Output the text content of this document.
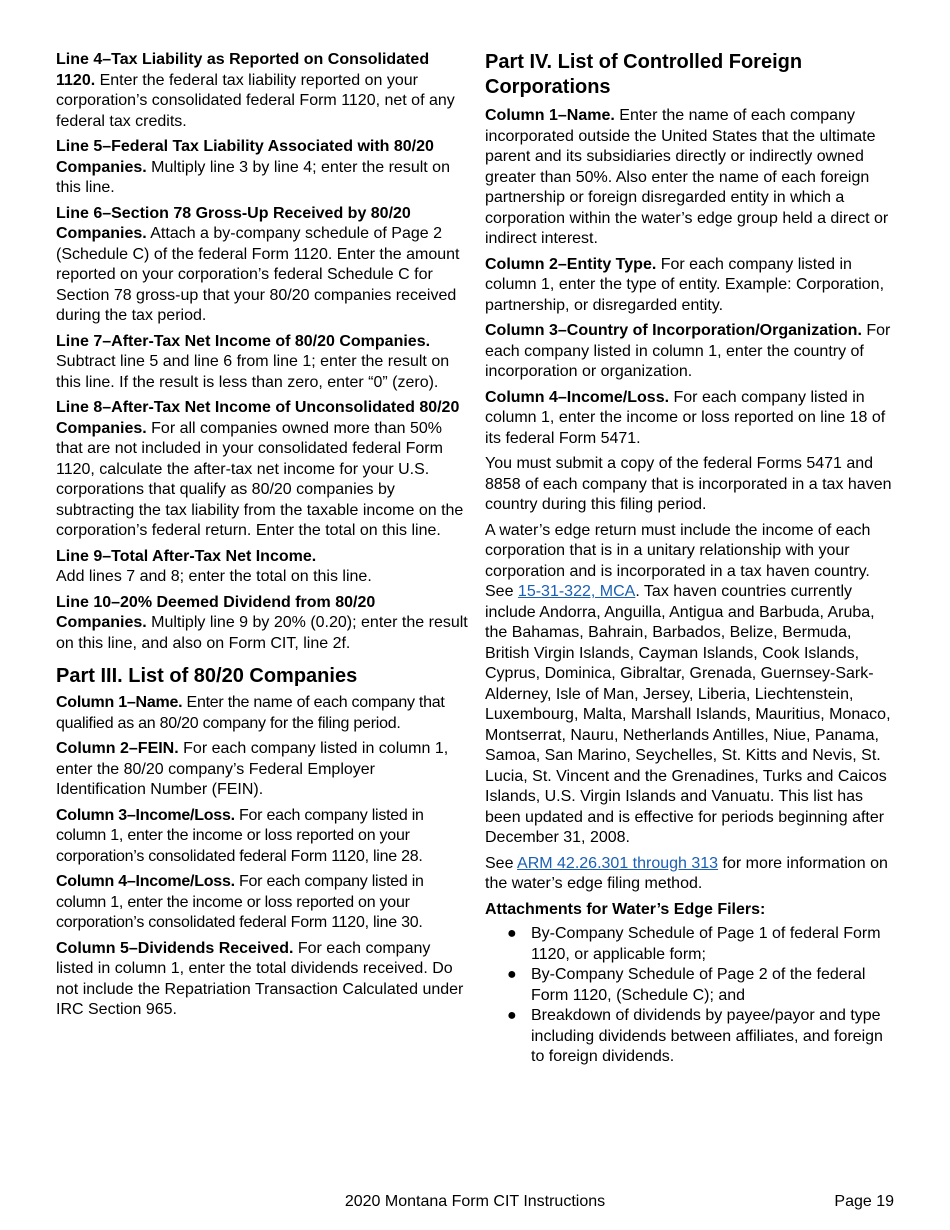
Line 4–Tax Liability as Reported on Consolidated 1120. Enter the federal tax liability reported on your corporation’s consolidated federal Form 1120, net of any federal tax credits.

Line 5–Federal Tax Liability Associated with 80/20 Companies. Multiply line 3 by line 4; enter the result on this line.

Line 6–Section 78 Gross-Up Received by 80/20 Companies. Attach a by-company schedule of Page 2 (Schedule C) of the federal Form 1120. Enter the amount reported on your corporation’s federal Schedule C for Section 78 gross-up that your 80/20 companies received during the tax period.

Line 7–After-Tax Net Income of 80/20 Companies. Subtract line 5 and line 6 from line 1; enter the result on this line. If the result is less than zero, enter “0” (zero).

Line 8–After-Tax Net Income of Unconsolidated 80/20 Companies. For all companies owned more than 50% that are not included in your consolidated federal Form 1120, calculate the after-tax net income for your U.S. corporations that qualify as 80/20 companies by subtracting the tax liability from the taxable income on the corporation’s federal return. Enter the total on this line.

Line 9–Total After-Tax Net Income.
Add lines 7 and 8; enter the total on this line.

Line 10–20% Deemed Dividend from 80/20 Companies. Multiply line 9 by 20% (0.20); enter the result on this line, and also on Form CIT, line 2f.

Part III. List of 80/20 Companies

Column 1–Name. Enter the name of each company that qualified as an 80/20 company for the filing period.

Column 2–FEIN. For each company listed in column 1, enter the 80/20 company’s Federal Employer Identification Number (FEIN).

Column 3–Income/Loss. For each company listed in column 1, enter the income or loss reported on your corporation’s consolidated federal Form 1120, line 28.

Column 4–Income/Loss. For each company listed in column 1, enter the income or loss reported on your corporation’s consolidated federal Form 1120, line 30.

Column 5–Dividends Received. For each company listed in column 1, enter the total dividends received. Do not include the Repatriation Transaction Calculated under IRC Section 965.

Part IV. List of Controlled Foreign Corporations

Column 1–Name. Enter the name of each company incorporated outside the United States that the ultimate parent and its subsidiaries directly or indirectly owned greater than 50%. Also enter the name of each foreign partnership or foreign disregarded entity in which a corporation within the water’s edge group held a direct or indirect interest.

Column 2–Entity Type. For each company listed in column 1, enter the type of entity. Example: Corporation, partnership, or disregarded entity.

Column 3–Country of Incorporation/Organization. For each company listed in column 1, enter the country of incorporation or organization.

Column 4–Income/Loss. For each company listed in column 1, enter the income or loss reported on line 18 of its federal Form 5471.

You must submit a copy of the federal Forms 5471 and 8858 of each company that is incorporated in a tax haven country during this filing period.

A water’s edge return must include the income of each corporation that is in a unitary relationship with your corporation and is incorporated in a tax haven country. See 15-31-322, MCA. Tax haven countries currently include Andorra, Anguilla, Antigua and Barbuda, Aruba, the Bahamas, Bahrain, Barbados, Belize, Bermuda, British Virgin Islands, Cayman Islands, Cook Islands, Cyprus, Dominica, Gibraltar, Grenada, Guernsey-Sark-Alderney, Isle of Man, Jersey, Liberia, Liechtenstein, Luxembourg, Malta, Marshall Islands, Mauritius, Monaco, Montserrat, Nauru, Netherlands Antilles, Niue, Panama, Samoa, San Marino, Seychelles, St. Kitts and Nevis, St. Lucia, St. Vincent and the Grenadines, Turks and Caicos Islands, U.S. Virgin Islands and Vanuatu. This list has been updated and is effective for periods beginning after December 31, 2008.

See ARM 42.26.301 through 313 for more information on the water’s edge filing method.

Attachments for Water’s Edge Filers:
● By-Company Schedule of Page 1 of federal Form 1120, or applicable form;
● By-Company Schedule of Page 2 of the federal Form 1120, (Schedule C); and
● Breakdown of dividends by payee/payor and type including dividends between affiliates, and foreign to foreign dividends.
2020 Montana Form CIT Instructions	Page 19
